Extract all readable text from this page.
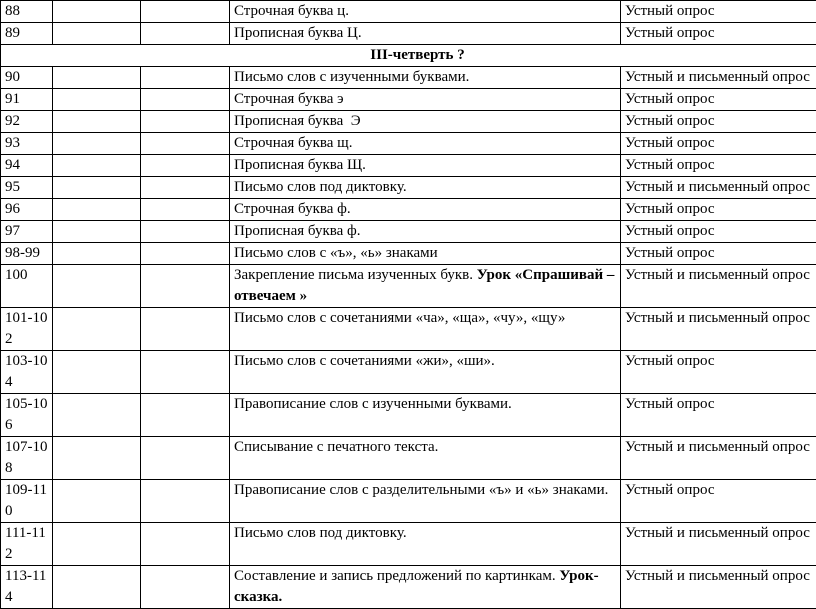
88			Строчная буква ц.	Устный опрос
89			Прописная буква Ц.	Устный опрос
III-четверть ?				
90			Письмо слов с изученными буквами.	Устный и письменный опрос
91			Строчная буква э	Устный опрос
92			Прописная буква  Э	Устный опрос
93			Строчная буква щ.	Устный опрос
94			Прописная буква Щ.	Устный опрос
95			Письмо слов под диктовку.	Устный и письменный опрос
96			Строчная буква ф.	Устный опрос
97			Прописная буква ф.	Устный опрос
98-99			Письмо слов с «ъ», «ь» знаками	Устный опрос
100			Закрепление письма изученных букв. Урок «Спрашивай – отвечаем »	Устный и письменный опрос
101-102			Письмо слов с сочетаниями «ча», «ща», «чу», «щу»	Устный и письменный опрос
103-104			Письмо слов с сочетаниями «жи», «ши».	Устный опрос
105-106			Правописание слов с изученными буквами.	Устный опрос
107-108			Списывание с печатного текста.	Устный и письменный опрос
109-110			Правописание слов с разделительными «ъ» и «ь» знаками.	Устный опрос
111-112			Письмо слов под диктовку.	Устный и письменный опрос
113-114			Составление и запись предложений по картинкам. Урок-сказка.	Устный и письменный опрос
